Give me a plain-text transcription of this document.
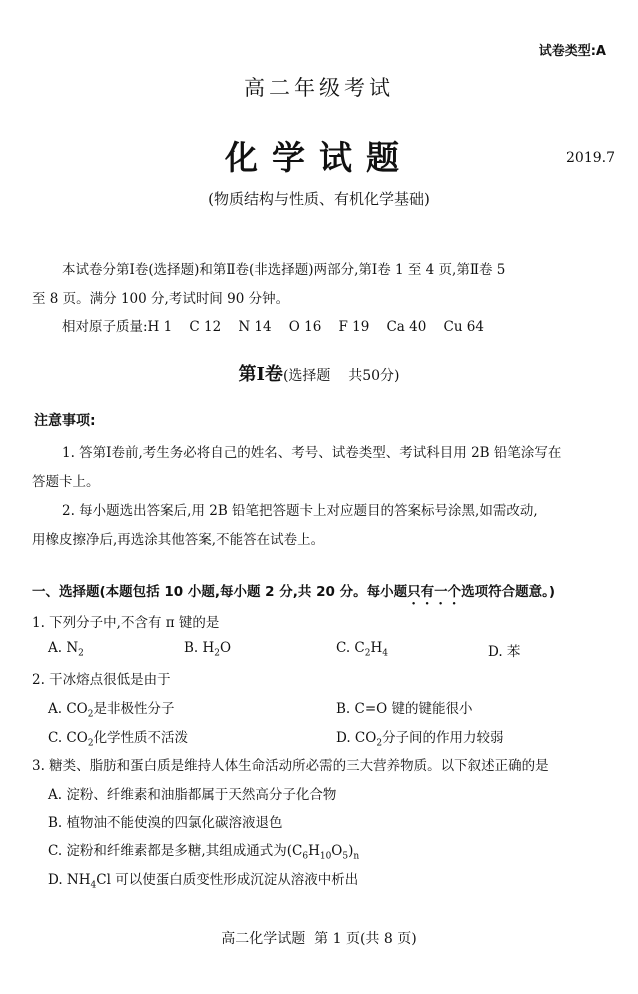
试卷类型:A
高二年级考试
化学试题	2019.7
(物质结构与性质、有机化学基础)
本试卷分第Ⅰ卷(选择题)和第Ⅱ卷(非选择题)两部分,第Ⅰ卷 1 至 4 页,第Ⅱ卷 5
至 8 页。满分 100 分,考试时间 90 分钟。
相对原子质量:H 1    C 12    N 14    O 16    F 19    Ca 40    Cu 64
第Ⅰ卷(选择题    共50分)
注意事项:
1. 答第Ⅰ卷前,考生务必将自己的姓名、考号、试卷类型、考试科目用 2B 铅笔涂写在
答题卡上。
2. 每小题选出答案后,用 2B 铅笔把答题卡上对应题目的答案标号涂黑,如需改动,
用橡皮擦净后,再选涂其他答案,不能答在试卷上。
一、选择题(本题包括 10 小题,每小题 2 分,共 20 分。每小题只有一个选项符合题意。)
1. 下列分子中,不含有 π 键的是
A. $N_2$	B. $H_2O$	C. $C_2H_4$	D. 苯
2. 干冰熔点很低是由于
A. $CO_2$是非极性分子	B. C=O 键的键能很小
C. $CO_2$化学性质不活泼	D. $CO_2$分子间的作用力较弱
3. 糖类、脂肪和蛋白质是维持人体生命活动所必需的三大营养物质。以下叙述正确的是
A. 淀粉、纤维素和油脂都属于天然高分子化合物
B. 植物油不能使溴的四氯化碳溶液退色
C. 淀粉和纤维素都是多糖,其组成通式为$(C_6H_{10}O_5)_n$
D. $NH_4Cl$ 可以使蛋白质变性形成沉淀从溶液中析出
高二化学试题  第 1 页(共 8 页)
